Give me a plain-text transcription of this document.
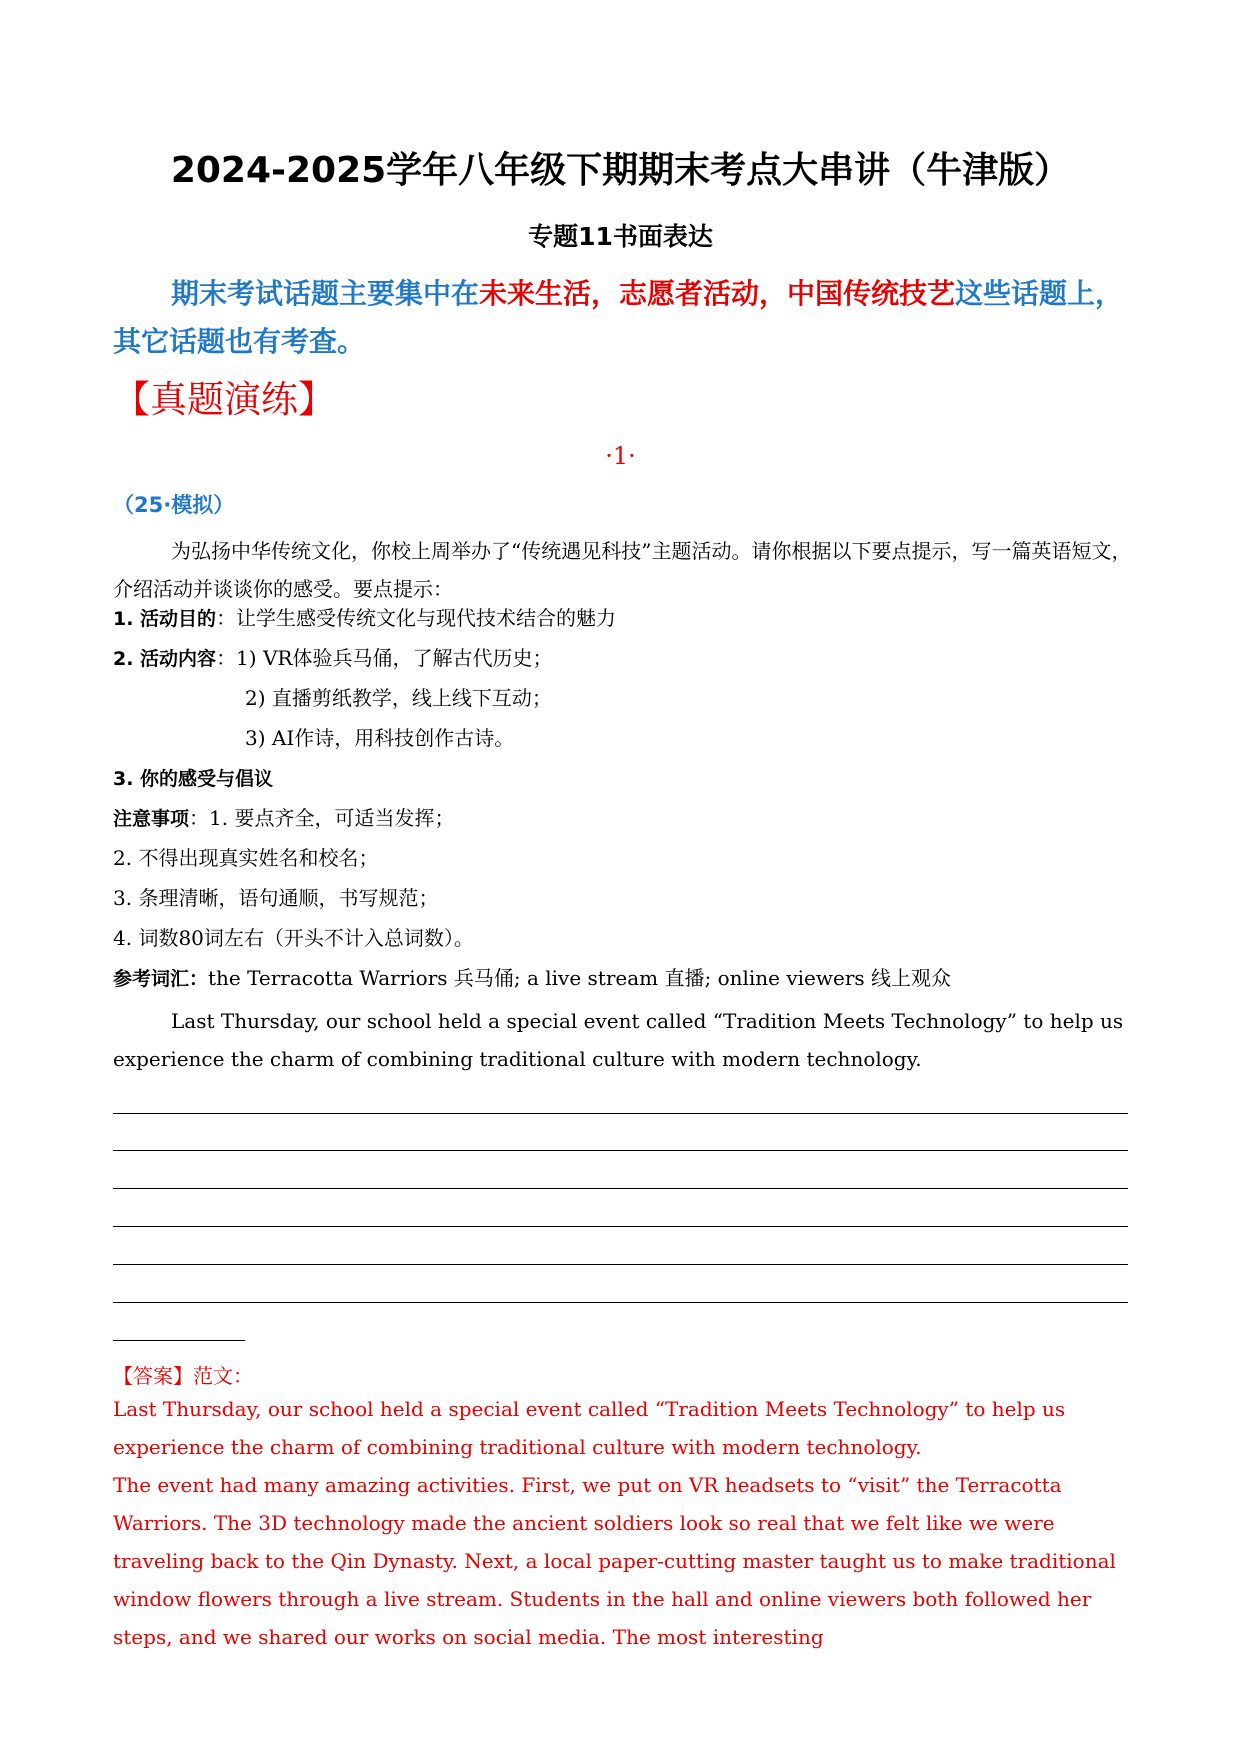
2024-2025学年八年级下期期末考点大串讲（牛津版）
专题11书面表达
期末考试话题主要集中在未来生活，志愿者活动，中国传统技艺这些话题上，其它话题也有考查。
【真题演练】
·1·
（25·模拟）
为弘扬中华传统文化，你校上周举办了“传统遇见科技”主题活动。请你根据以下要点提示，写一篇英语短文，介绍活动并谈谈你的感受。要点提示：
1. 活动目的：让学生感受传统文化与现代技术结合的魅力
2. 活动内容：1) VR体验兵马俑，了解古代历史；
2) 直播剪纸教学，线上线下互动；
3) AI作诗，用科技创作古诗。
3. 你的感受与倡议
注意事项：1. 要点齐全，可适当发挥；
2. 不得出现真实姓名和校名；
3. 条理清晰，语句通顺，书写规范；
4. 词数80词左右（开头不计入总词数）。
参考词汇：the Terracotta Warriors 兵马俑; a live stream 直播; online viewers 线上观众
Last Thursday, our school held a special event called “Tradition Meets Technology” to help us experience the charm of combining traditional culture with modern technology.
【答案】范文：
Last Thursday, our school held a special event called “Tradition Meets Technology” to help us experience the charm of combining traditional culture with modern technology.
The event had many amazing activities. First, we put on VR headsets to “visit” the Terracotta Warriors. The 3D technology made the ancient soldiers look so real that we felt like we were traveling back to the Qin Dynasty. Next, a local paper-cutting master taught us to make traditional window flowers through a live stream. Students in the hall and online viewers both followed her steps, and we shared our works on social media. The most interesting
